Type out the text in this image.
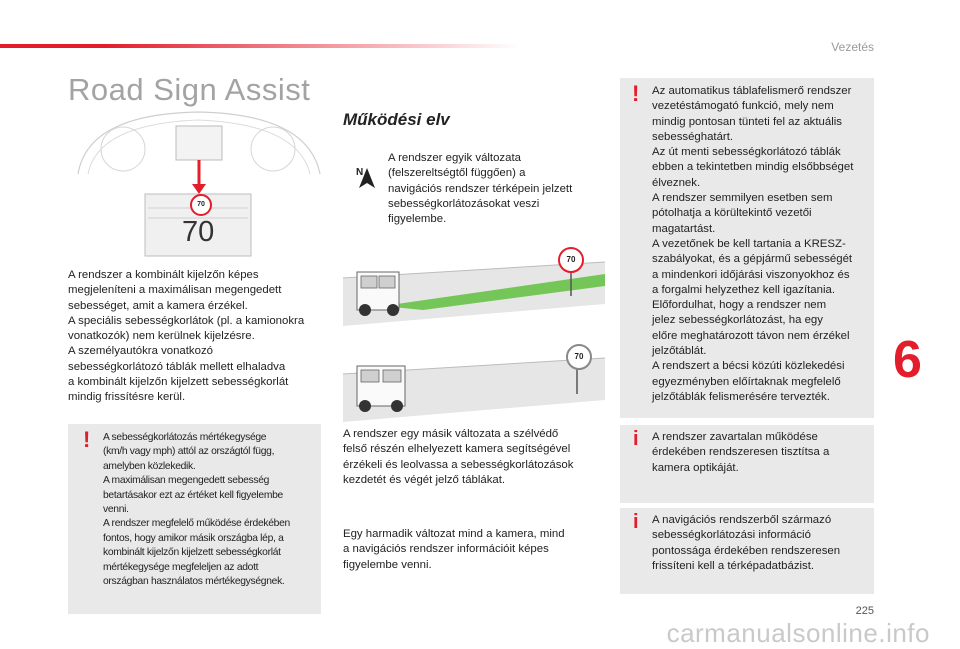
Vezetés
Road Sign Assist
70
70

A rendszer a kombinált kijelzőn képes
megjeleníteni a maximálisan megengedett
sebességet, amit a kamera érzékel.
A speciális sebességkorlátok (pl. a kamionokra
vonatkozók) nem kerülnek kijelzésre.
A személyautókra vonatkozó
sebességkorlátozó táblák mellett elhaladva
a kombinált kijelzőn kijelzett sebességkorlát
mindig frissítésre kerül.

! A sebességkorlátozás mértékegysége
(km/h vagy mph) attól az országtól függ,
amelyben közlekedik.
A maximálisan megengedett sebesség
betartásakor ezt az értéket kell figyelembe
venni.
A rendszer megfelelő működése érdekében
fontos, hogy amikor másik országba lép, a
kombinált kijelzőn kijelzett sebességkorlát
mértékegysége megfeleljen az adott
országban használatos mértékegységnek.

Működési elv
N

A rendszer egyik változata
(felszereltségtől függően) a
navigációs rendszer térképein jelzett
sebességkorlátozásokat veszi
figyelembe.

70
70

A rendszer egy másik változata a szélvédő
felső részén elhelyezett kamera segítségével
érzékeli és leolvassa a sebességkorlátozások
kezdetét és végét jelző táblákat.

Egy harmadik változat mind a kamera, mind
a navigációs rendszer információit képes
figyelembe venni.

! Az automatikus táblafelismerő rendszer
vezetéstámogató funkció, mely nem
mindig pontosan tünteti fel az aktuális
sebességhatárt.
Az út menti sebességkorlátozó táblák
ebben a tekintetben mindig elsőbbséget
élveznek.
A rendszer semmilyen esetben sem
pótolhatja a körültekintő vezetői
magatartást.
A vezetőnek be kell tartania a KRESZ-
szabályokat, és a gépjármű sebességét
a mindenkori időjárási viszonyokhoz és
a forgalmi helyzethez kell igazítania.
Előfordulhat, hogy a rendszer nem
jelez sebességkorlátozást, ha egy
előre meghatározott távon nem érzékel
jelzőtáblát.
A rendszert a bécsi közúti közlekedési
egyezményben előírtaknak megfelelő
jelzőtáblák felismerésére tervezték.

i A rendszer zavartalan működése
érdekében rendszeresen tisztítsa a
kamera optikáját.

i A navigációs rendszerből származó
sebességkorlátozási információ
pontossága érdekében rendszeresen
frissíteni kell a térképadatbázist.

6
225
carmanualsonline.info
